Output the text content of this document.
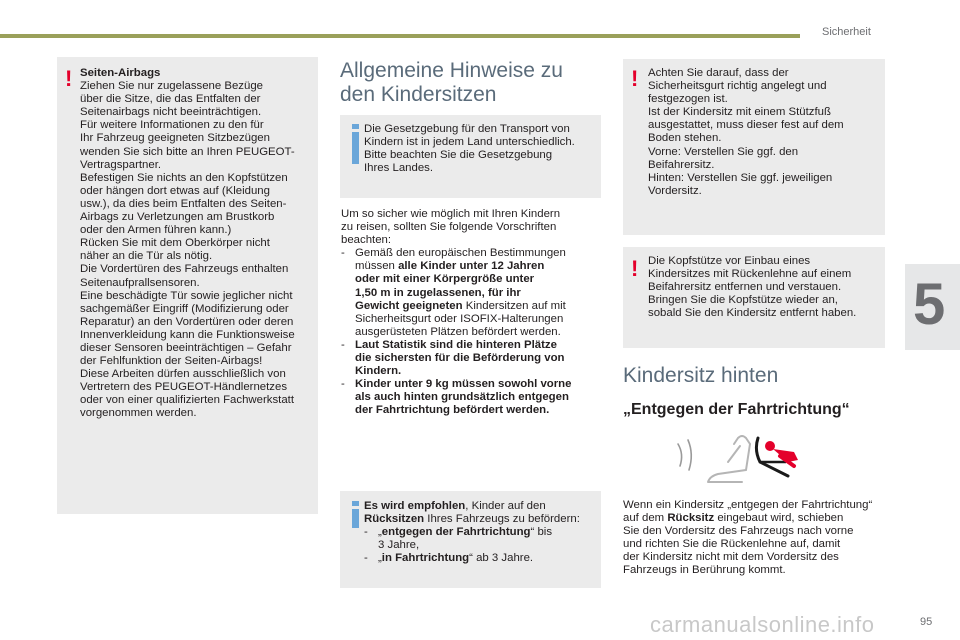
Sicherheit
5
! Seiten-Airbags
Ziehen Sie nur zugelassene Bezüge
über die Sitze, die das Entfalten der
Seitenairbags nicht beeinträchtigen.
Für weitere Informationen zu den für
Ihr Fahrzeug geeigneten Sitzbezügen
wenden Sie sich bitte an Ihren PEUGEOT-
Vertragspartner.
Befestigen Sie nichts an den Kopfstützen
oder hängen dort etwas auf (Kleidung
usw.), da dies beim Entfalten des Seiten-
Airbags zu Verletzungen am Brustkorb
oder den Armen führen kann.)
Rücken Sie mit dem Oberkörper nicht
näher an die Tür als nötig.
Die Vordertüren des Fahrzeugs enthalten
Seitenaufprallsensoren.
Eine beschädigte Tür sowie jeglicher nicht
sachgemäßer Eingriff (Modifizierung oder
Reparatur) an den Vordertüren oder deren
Innenverkleidung kann die Funktionsweise
dieser Sensoren beeinträchtigen – Gefahr
der Fehlfunktion der Seiten-Airbags!
Diese Arbeiten dürfen ausschließlich von
Vertretern des PEUGEOT-Händlernetzes
oder von einer qualifizierten Fachwerkstatt
vorgenommen werden.
Allgemeine Hinweise zu
den Kindersitzen
Die Gesetzgebung für den Transport von
Kindern ist in jedem Land unterschiedlich.
Bitte beachten Sie die Gesetzgebung
Ihres Landes.
Um so sicher wie möglich mit Ihren Kindern
zu reisen, sollten Sie folgende Vorschriften
beachten:
- Gemäß den europäischen Bestimmungen
müssen alle Kinder unter 12 Jahren
oder mit einer Körpergröße unter
1,50 m in zugelassenen, für ihr
Gewicht geeigneten Kindersitzen auf mit
Sicherheitsgurt oder ISOFIX-Halterungen
ausgerüsteten Plätzen befördert werden.
- Laut Statistik sind die hinteren Plätze
die sichersten für die Beförderung von
Kindern.
- Kinder unter 9 kg müssen sowohl vorne
als auch hinten grundsätzlich entgegen
der Fahrtrichtung befördert werden.
Es wird empfohlen, Kinder auf den
Rücksitzen Ihres Fahrzeugs zu befördern:
- „entgegen der Fahrtrichtung“ bis
3 Jahre,
- „in Fahrtrichtung“ ab 3 Jahre.
! Achten Sie darauf, dass der
Sicherheitsgurt richtig angelegt und
festgezogen ist.
Ist der Kindersitz mit einem Stützfuß
ausgestattet, muss dieser fest auf dem
Boden stehen.
Vorne: Verstellen Sie ggf. den
Beifahrersitz.
Hinten: Verstellen Sie ggf. jeweiligen
Vordersitz.
! Die Kopfstütze vor Einbau eines
Kindersitzes mit Rückenlehne auf einem
Beifahrersitz entfernen und verstauen.
Bringen Sie die Kopfstütze wieder an,
sobald Sie den Kindersitz entfernt haben.
Kindersitz hinten
„Entgegen der Fahrtrichtung“
Wenn ein Kindersitz „entgegen der Fahrtrichtung“
auf dem Rücksitz eingebaut wird, schieben
Sie den Vordersitz des Fahrzeugs nach vorne
und richten Sie die Rückenlehne auf, damit
der Kindersitz nicht mit dem Vordersitz des
Fahrzeugs in Berührung kommt.
carmanualsonline.info	95
